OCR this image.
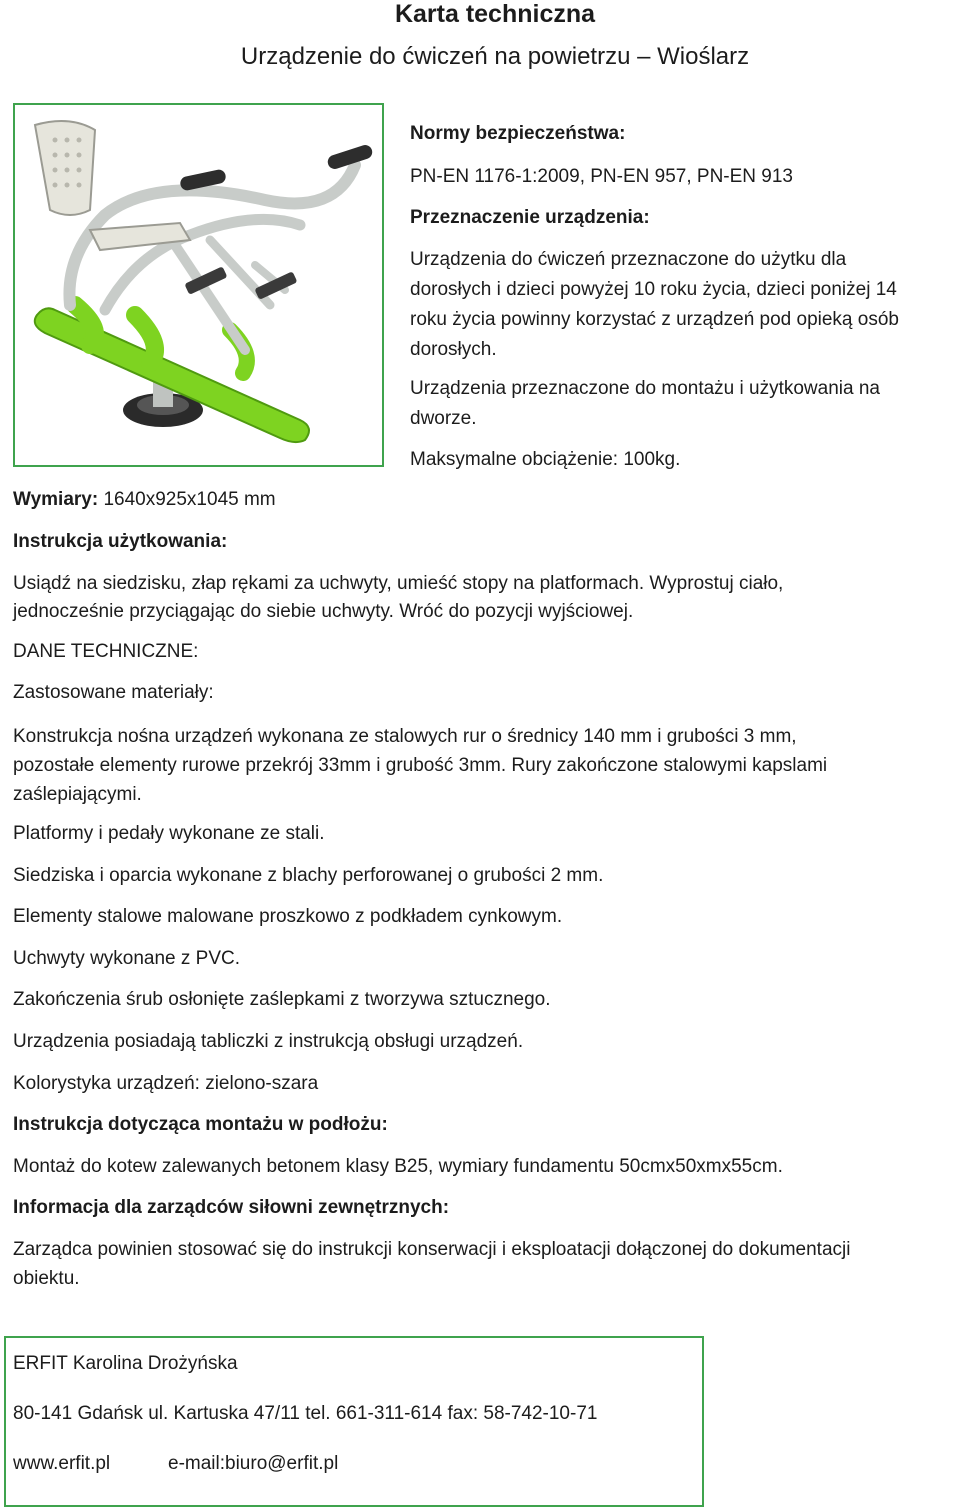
Karta techniczna
Urządzenie do ćwiczeń na powietrzu – Wioślarz
Normy bezpieczeństwa:
PN-EN 1176-1:2009, PN-EN 957, PN-EN 913
Przeznaczenie urządzenia:
Urządzenia do ćwiczeń przeznaczone do użytku dla
dorosłych i dzieci powyżej 10 roku życia, dzieci poniżej 14
roku życia powinny korzystać z urządzeń pod opieką osób
dorosłych.
Urządzenia przeznaczone do montażu i użytkowania na
dworze.
Maksymalne obciążenie: 100kg.
Wymiary: 1640x925x1045 mm
Instrukcja użytkowania:
Usiądź na siedzisku, złap rękami za uchwyty, umieść stopy na platformach. Wyprostuj ciało,
jednocześnie przyciągając do siebie uchwyty. Wróć do pozycji wyjściowej.
DANE TECHNICZNE:
Zastosowane materiały:
Konstrukcja nośna urządzeń wykonana ze stalowych rur o średnicy 140 mm i grubości 3 mm,
pozostałe elementy rurowe przekrój 33mm i grubość 3mm. Rury zakończone stalowymi kapslami
zaślepiającymi.
Platformy i pedały wykonane ze stali.
Siedziska i oparcia wykonane z blachy perforowanej o grubości 2 mm.
Elementy stalowe malowane proszkowo z podkładem cynkowym.
Uchwyty wykonane z PVC.
Zakończenia śrub osłonięte zaślepkami z tworzywa sztucznego.
Urządzenia posiadają tabliczki z instrukcją obsługi urządzeń.
Kolorystyka urządzeń: zielono-szara
Instrukcja dotycząca montażu w podłożu:
Montaż do kotew zalewanych betonem klasy B25, wymiary fundamentu 50cmx50xmx55cm.
Informacja dla zarządców siłowni zewnętrznych:
Zarządca powinien stosować się do instrukcji konserwacji i eksploatacji dołączonej do dokumentacji
obiektu.
ERFIT Karolina Drożyńska
80-141 Gdańsk ul. Kartuska 47/11 tel. 661-311-614 fax: 58-742-10-71
www.erfit.pl	e-mail:biuro@erfit.pl
